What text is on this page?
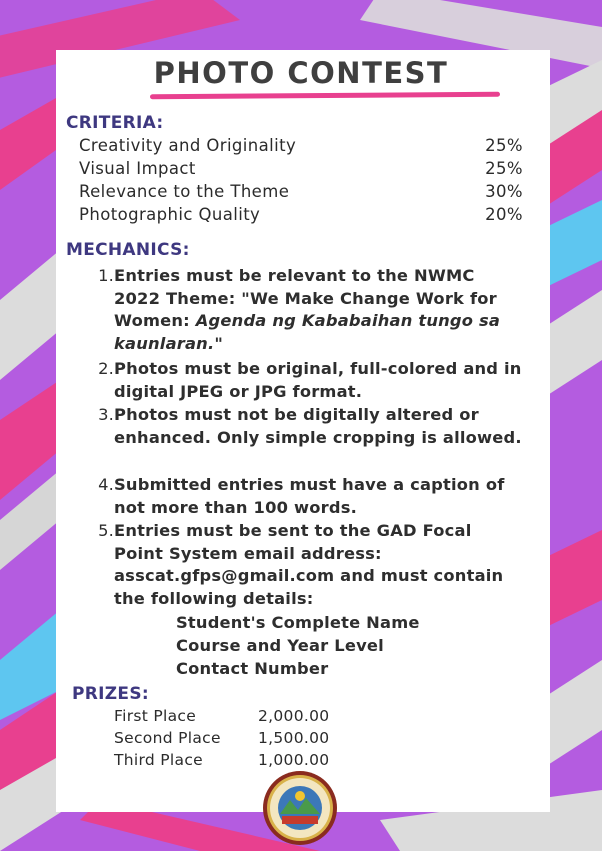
PHOTO CONTEST
CRITERIA:
Creativity and Originality	25%
Visual Impact	25%
Relevance to the Theme	30%
Photographic Quality	20%
MECHANICS:
1. Entries must be relevant to the NWMC 2022 Theme: "We Make Change Work for Women: Agenda ng Kababaihan tungo sa kaunlaran."
2. Photos must be original, full-colored and in digital JPEG or JPG format.
3. Photos must not be digitally altered or enhanced. Only simple cropping is allowed.
4. Submitted entries must have a caption of not more than 100 words.
5. Entries must be sent to the GAD Focal Point System email address: asscat.gfps@gmail.com and must contain the following details:
Student's Complete Name
Course and Year Level
Contact Number
PRIZES:
First Place	2,000.00
Second Place 1,500.00
Third Place	1,000.00
